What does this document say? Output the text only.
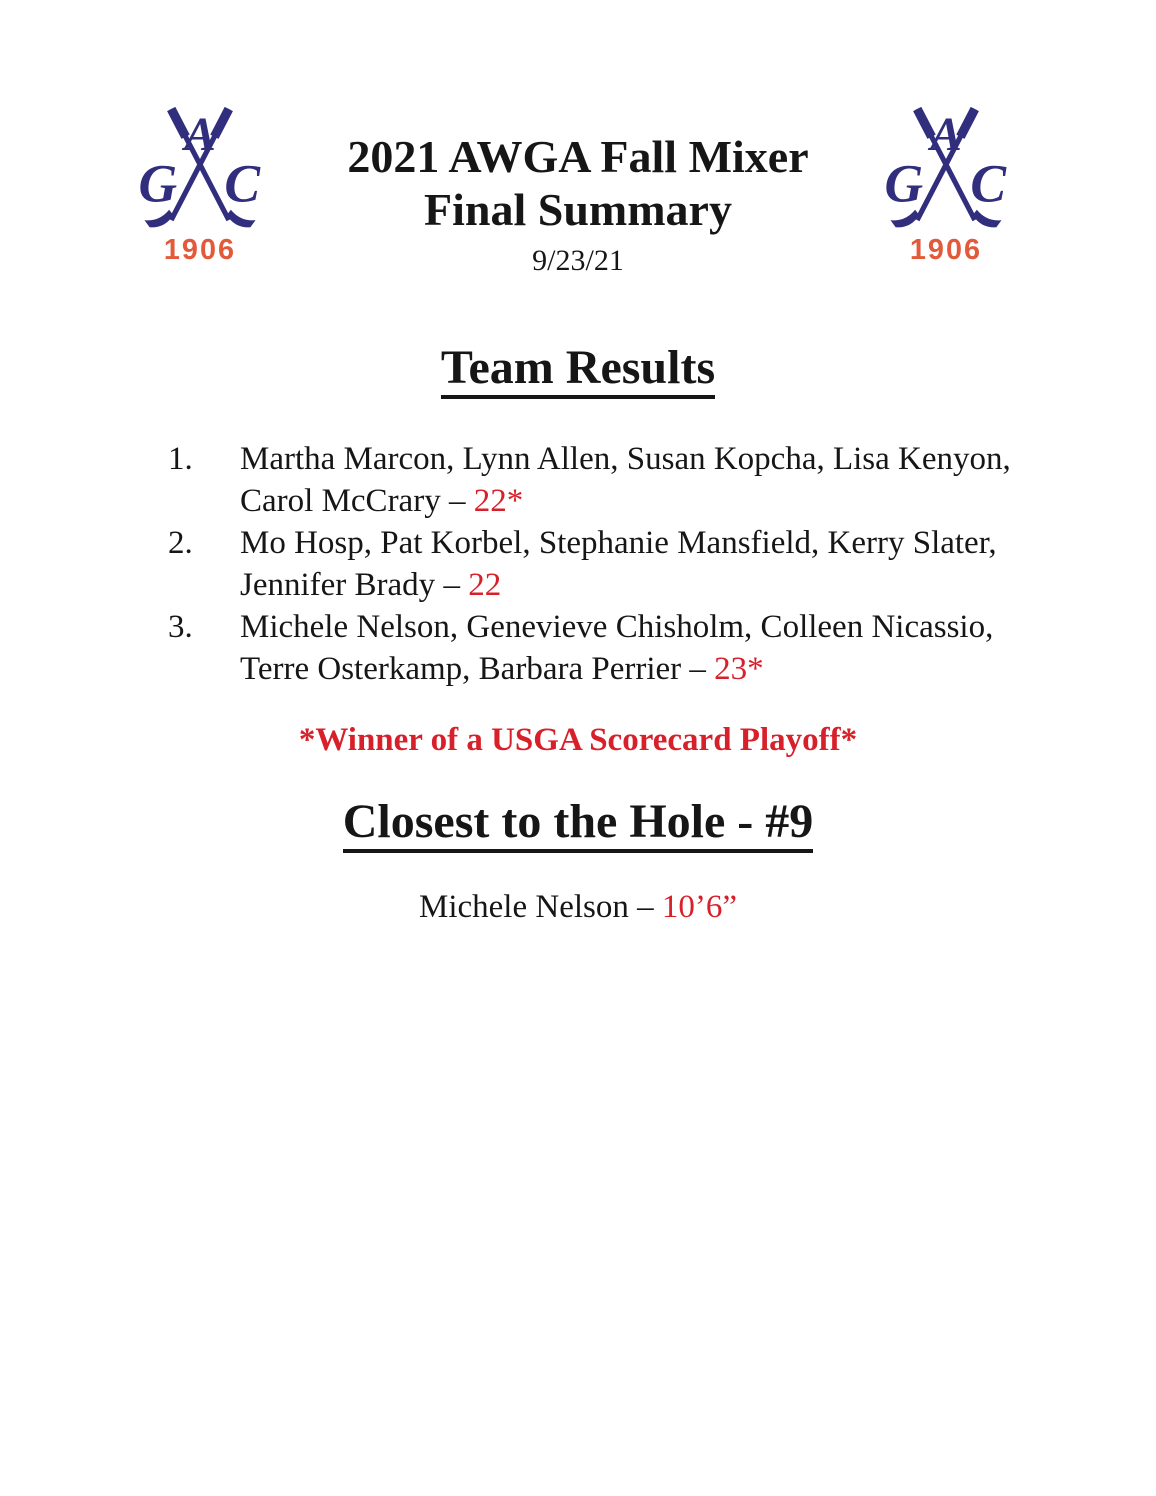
A
G C
1906
A
G C
1906
2021 AWGA Fall Mixer
Final Summary
9/23/21
Team Results
1.	Martha Marcon, Lynn Allen, Susan Kopcha, Lisa Kenyon, Carol McCrary – 22*
2.	Mo Hosp, Pat Korbel, Stephanie Mansfield, Kerry Slater, Jennifer Brady – 22
3.	Michele Nelson, Genevieve Chisholm, Colleen Nicassio, Terre Osterkamp, Barbara Perrier – 23*
*Winner of a USGA Scorecard Playoff*
Closest to the Hole - #9
Michele Nelson – 10’6”
